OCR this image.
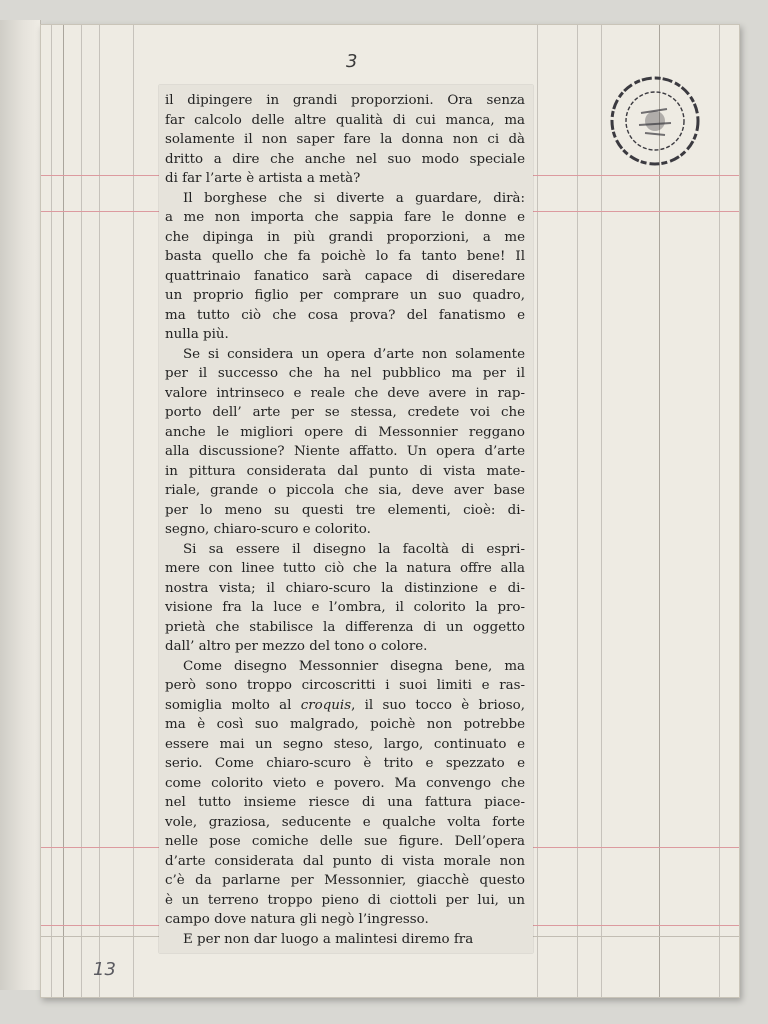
3
13
il dipingere in grandi proporzioni. Ora senza
far calcolo delle altre qualità di cui manca, ma
solamente il non saper fare la donna non ci dà
dritto a dire che anche nel suo modo speciale
di far l’arte è artista a metà?
Il borghese che si diverte a guardare, dirà:
a me non importa che sappia fare le donne e
che dipinga in più grandi proporzioni, a me
basta quello che fa poichè lo fa tanto bene! Il
quattrinaio fanatico sarà capace di diseredare
un proprio figlio per comprare un suo quadro,
ma tutto ciò che cosa prova? del fanatismo e
nulla più.
Se si considera un opera d’arte non solamente
per il successo che ha nel pubblico ma per il
valore intrinseco e reale che deve avere in rap-
porto dell’ arte per se stessa, credete voi che
anche le migliori opere di Messonnier reggano
alla discussione? Niente affatto. Un opera d’arte
in pittura considerata dal punto di vista mate-
riale, grande o piccola che sia, deve aver base
per lo meno su questi tre elementi, cioè: di-
segno, chiaro-scuro e colorito.
Si sa essere il disegno la facoltà di espri-
mere con linee tutto ciò che la natura offre alla
nostra vista; il chiaro-scuro la distinzione e di-
visione fra la luce e l’ombra, il colorito la pro-
prietà che stabilisce la differenza di un oggetto
dall’ altro per mezzo del tono o colore.
Come disegno Messonnier disegna bene, ma
però sono troppo circoscritti i suoi limiti e ras-
somiglia molto al croquis, il suo tocco è brioso,
ma è così suo malgrado, poichè non potrebbe
essere mai un segno steso, largo, continuato e
serio. Come chiaro-scuro è trito e spezzato e
come colorito vieto e povero. Ma convengo che
nel tutto insieme riesce di una fattura piace-
vole, graziosa, seducente e qualche volta forte
nelle pose comiche delle sue figure. Dell’opera
d’arte considerata dal punto di vista morale non
c’è da parlarne per Messonnier, giacchè questo
è un terreno troppo pieno di ciottoli per lui, un
campo dove natura gli negò l’ingresso.
E per non dar luogo a malintesi diremo fra
